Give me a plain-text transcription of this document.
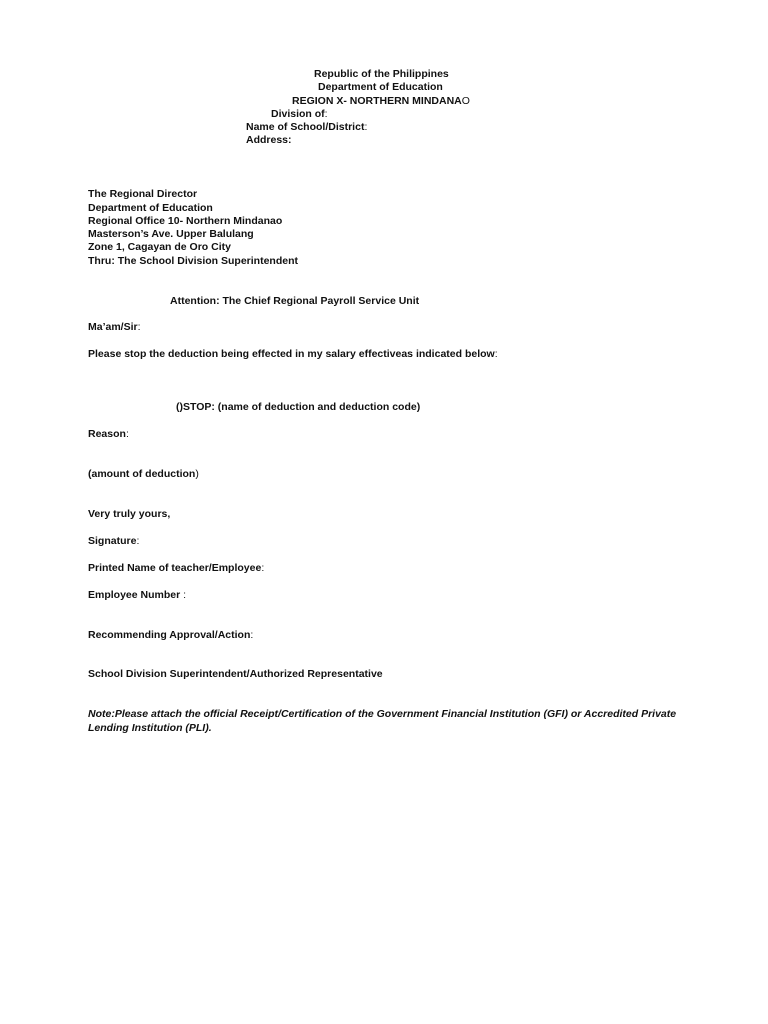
Republic of the Philippines
Department of Education
REGION X- NORTHERN MINDANAO
Division of:
Name of School/District:
Address:
The Regional Director
Department of Education
Regional Office 10- Northern Mindanao
Masterson’s Ave. Upper Balulang
Zone 1, Cagayan de Oro City
Thru: The School Division Superintendent
Attention: The Chief Regional Payroll Service Unit
Ma’am/Sir:
Please stop the deduction being effected in my salary effectiveas indicated below:
()STOP: (name of deduction and deduction code)
Reason:
(amount of deduction)
Very truly yours,
Signature:
Printed Name of teacher/Employee:
Employee Number :
Recommending Approval/Action:
School Division Superintendent/Authorized Representative
Note:Please attach the official Receipt/Certification of the Government Financial Institution (GFI) or Accredited Private Lending Institution (PLI).
